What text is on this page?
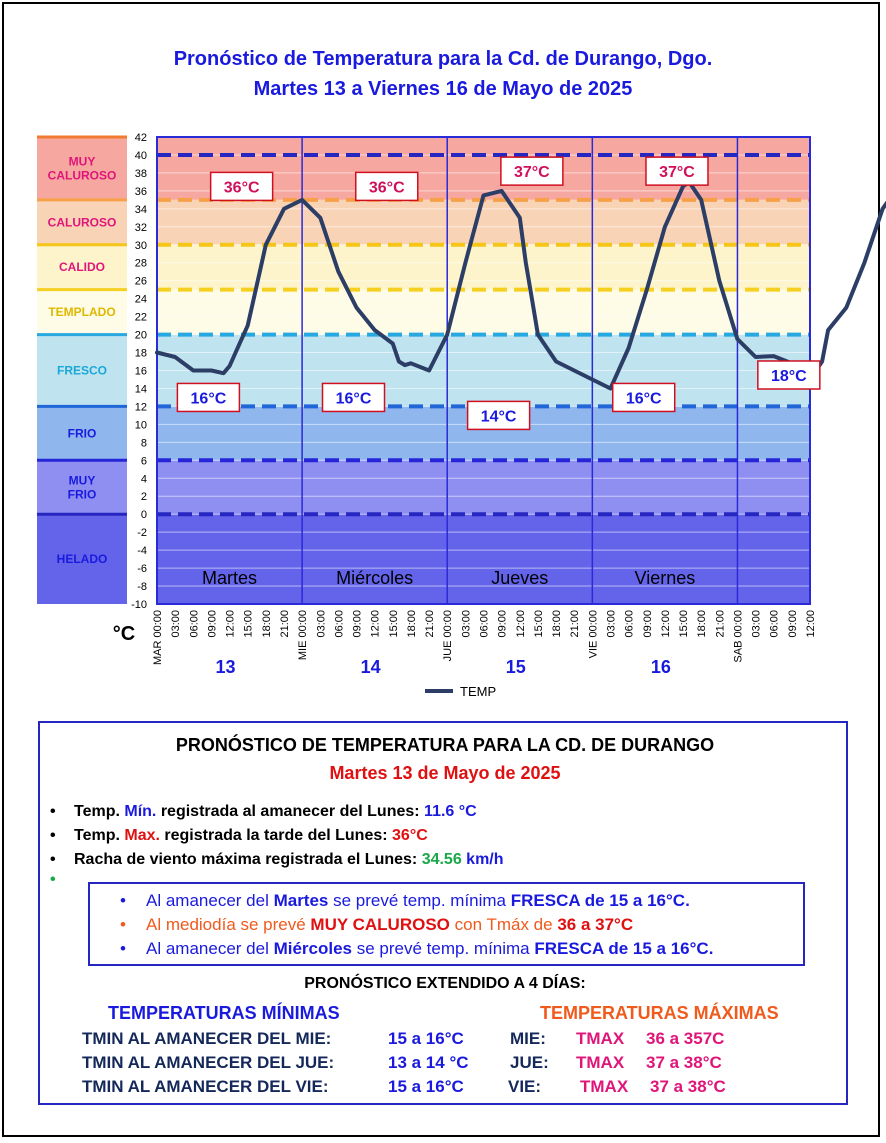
Pronóstico de Temperatura para la Cd. de Durango, Dgo.
Martes 13 a Viernes 16 de Mayo de 2025
MUY
CALUROSO
CALUROSO
CALIDO
TEMPLADO
FRESCO
FRIO
MUY
FRIO
HELADO
42
40
38
36
34
32
30
28
26
24
22
20
18
16
14
12
10
8
6
4
2
0
-2
-4
-6
-8
-10
°C MAR 00:00 03:00 06:00 09:00 12:00 15:00 18:00 21:00 MIE 00:00 03:00 06:00 09:00 12:00 15:00 18:00 21:00 JUE 00:00 03:00 06:00 09:00 12:00 15:00 18:00 21:00 VIE 00:00 03:00 06:00 09:00 12:00 15:00 18:00 21:00 SAB 00:00 03:00 06:00 09:00 12:00
Martes	Miércoles	Jueves	Viernes
13	14	15	16
36°C	36°C
37°C	37°C
16°C	16°C
14°C
16°C
18°C
TEMP
PRONÓSTICO DE TEMPERATURA PARA LA CD. DE DURANGO
Martes 13 de Mayo de 2025
• Temp. Mín. registrada al amanecer del Lunes: 11.6 °C
• Temp. Max. registrada la tarde del Lunes: 36°C
• Racha de viento máxima registrada el Lunes: 34.56 km/h
•
• Al amanecer del Martes se prevé temp. mínima FRESCA de 15 a 16°C.
• Al mediodía se prevé MUY CALUROSO con Tmáx de 36 a 37°C
• Al amanecer del Miércoles se prevé temp. mínima FRESCA de 15 a 16°C.
PRONÓSTICO EXTENDIDO A 4 DÍAS:
TEMPERATURAS MÍNIMAS	TEMPERATURAS MÁXIMAS
TMIN AL AMANECER DEL MIE:	15 a 16°C	MIE: TMAX 36 a 357C
TMIN AL AMANECER DEL JUE:	13 a 14 °C JUE: TMAX 37 a 38°C
TMIN AL AMANECER DEL VIE:	15 a 16°C	VIE: TMAX 37 a 38°C
